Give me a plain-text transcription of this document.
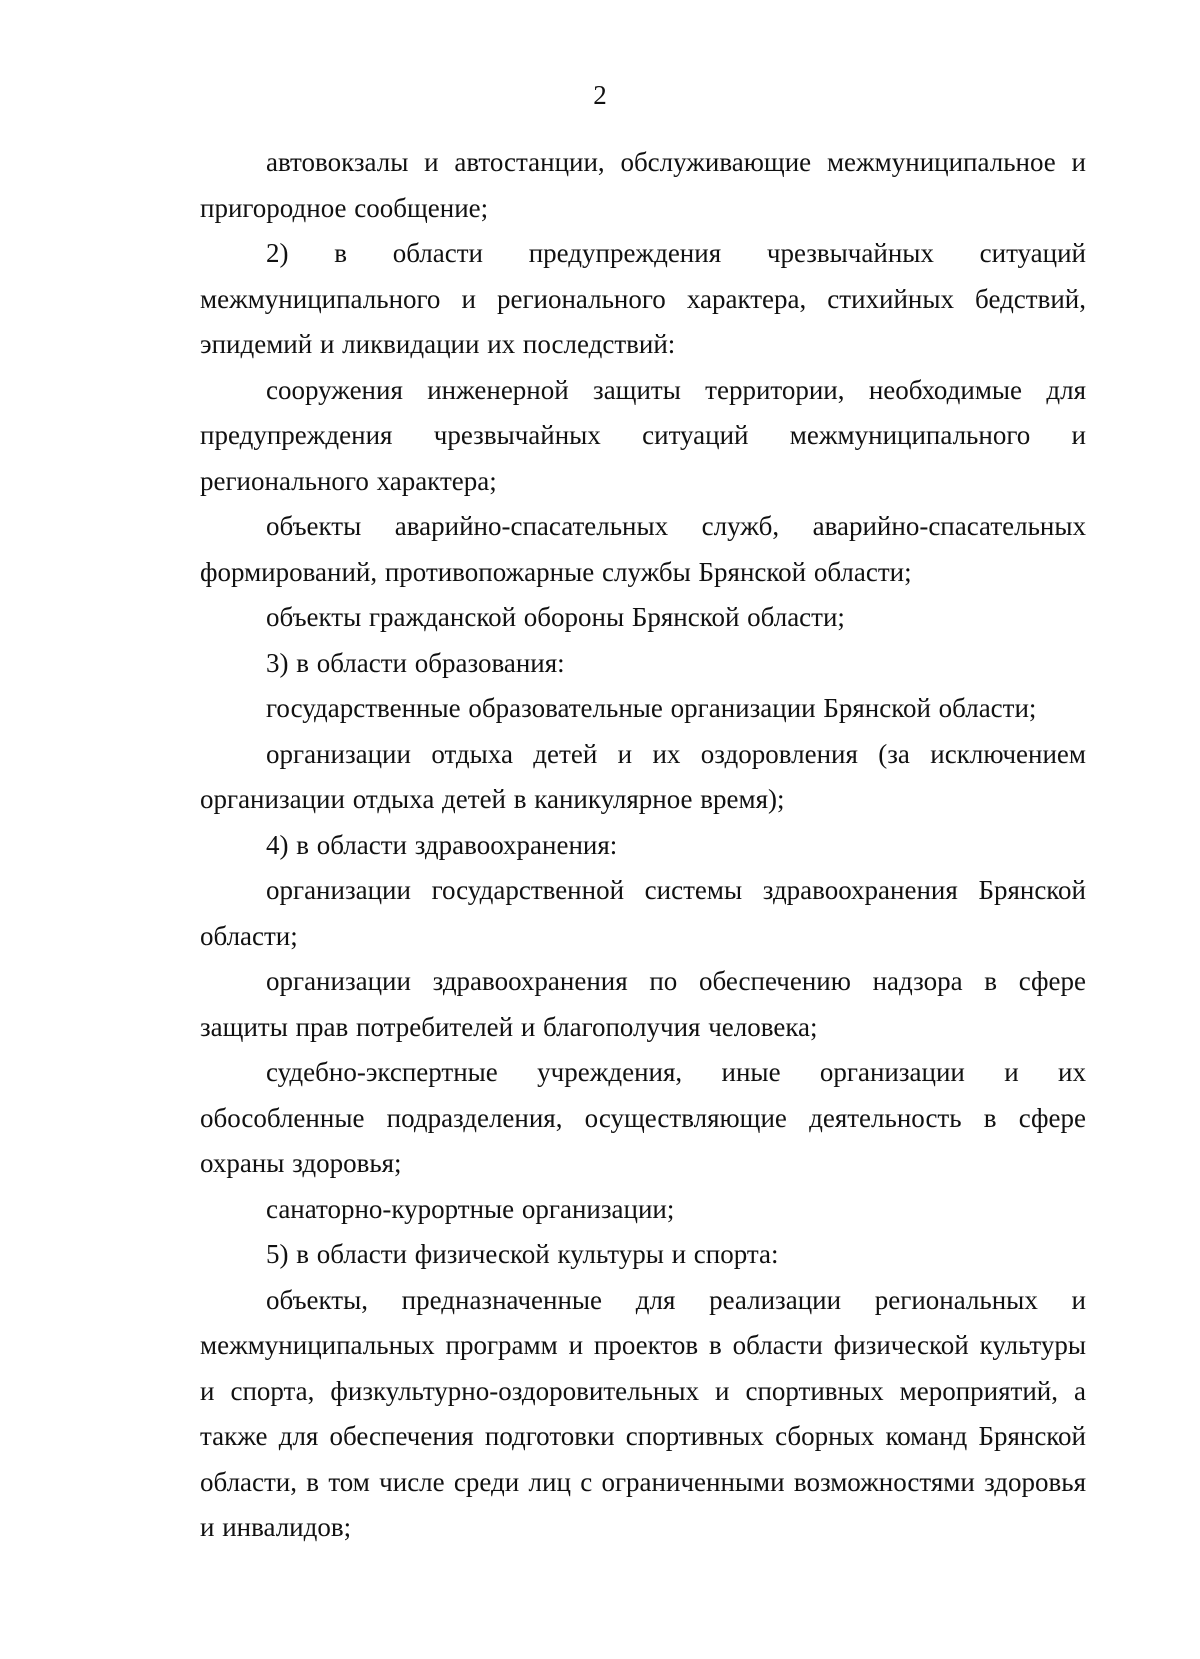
2

автовокзалы и автостанции, обслуживающие межмуниципальное и пригородное сообщение;

2) в области предупреждения чрезвычайных ситуаций межмуниципального и регионального характера, стихийных бедствий, эпидемий и ликвидации их последствий:

сооружения инженерной защиты территории, необходимые для предупреждения чрезвычайных ситуаций межмуниципального и регионального характера;

объекты аварийно-спасательных служб, аварийно-спасательных формирований, противопожарные службы Брянской области;

объекты гражданской обороны Брянской области;

3) в области образования:

государственные образовательные организации Брянской области;

организации отдыха детей и их оздоровления (за исключением организации отдыха детей в каникулярное время);

4) в области здравоохранения:

организации государственной системы здравоохранения Брянской области;

организации здравоохранения по обеспечению надзора в сфере защиты прав потребителей и благополучия человека;

судебно-экспертные учреждения, иные организации и их обособленные подразделения, осуществляющие деятельность в сфере охраны здоровья;

санаторно-курортные организации;

5) в области физической культуры и спорта:

объекты, предназначенные для реализации региональных и межмуниципальных программ и проектов в области физической культуры и спорта, физкультурно-оздоровительных и спортивных мероприятий, а также для обеспечения подготовки спортивных сборных команд Брянской области, в том числе среди лиц с ограниченными возможностями здоровья и инвалидов;
